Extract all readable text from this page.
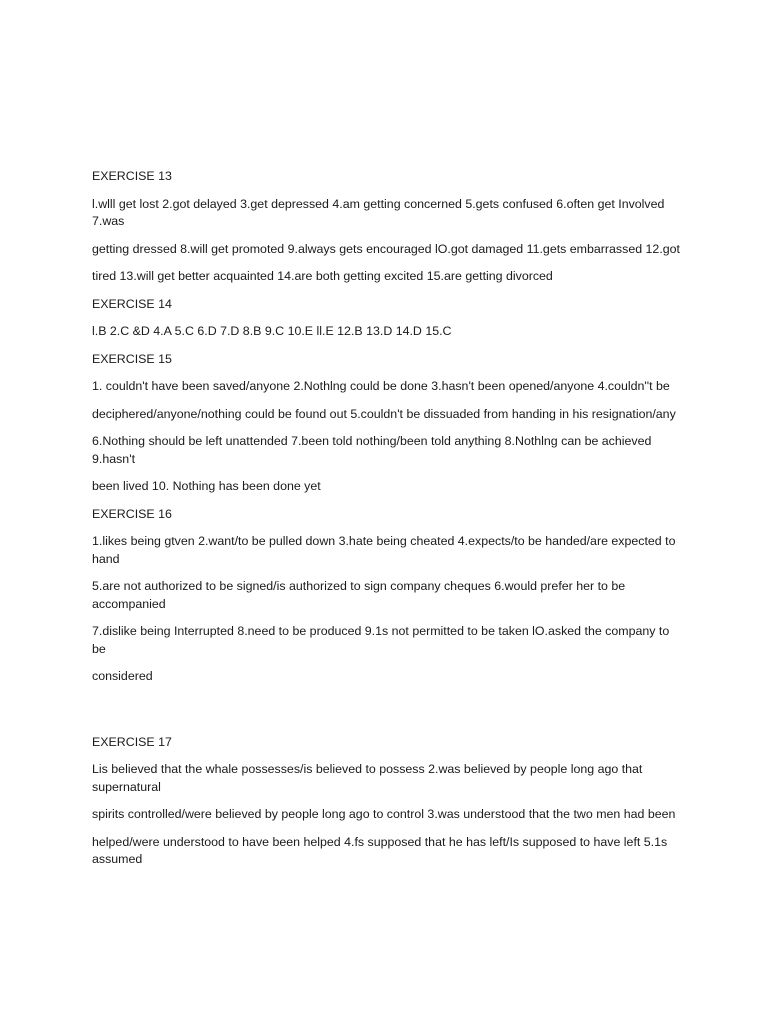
EXERCISE 13
l.wlll get lost 2.got delayed 3.get depressed 4.am getting concerned 5.gets confused 6.often get Involved 7.was
getting dressed 8.will get promoted 9.always gets encouraged lO.got damaged 11.gets embarrassed 12.got
tired 13.will get better acquainted 14.are both getting excited 15.are getting divorced
EXERCISE 14
l.B 2.C &D 4.A 5.C 6.D 7.D 8.B 9.C 10.E ll.E 12.B 13.D 14.D 15.C
EXERCISE 15
1. couldn't have been saved/anyone 2.Nothlng could be done 3.hasn't been opened/anyone 4.couldn''t be
deciphered/anyone/nothing could be found out 5.couldn't be dissuaded from handing in his resignation/any
6.Nothing should be left unattended 7.been told nothing/been told anything 8.Nothlng can be achieved 9.hasn't
been lived 10. Nothing has been done yet
EXERCISE 16
1.likes being gtven 2.want/to be pulled down 3.hate being cheated 4.expects/to be handed/are expected to hand
5.are not authorized to be signed/is authorized to sign company cheques 6.would prefer her to be accompanied
7.dislike being Interrupted 8.need to be produced 9.1s not permitted to be taken lO.asked the company to be
considered
EXERCISE 17
Lis believed that the whale possesses/is believed to possess 2.was believed by people long ago that supernatural
spirits controlled/were believed by people long ago to control 3.was understood that the two men had been
helped/were understood to have been helped 4.fs supposed that he has left/Is supposed to have left 5.1s assumed
